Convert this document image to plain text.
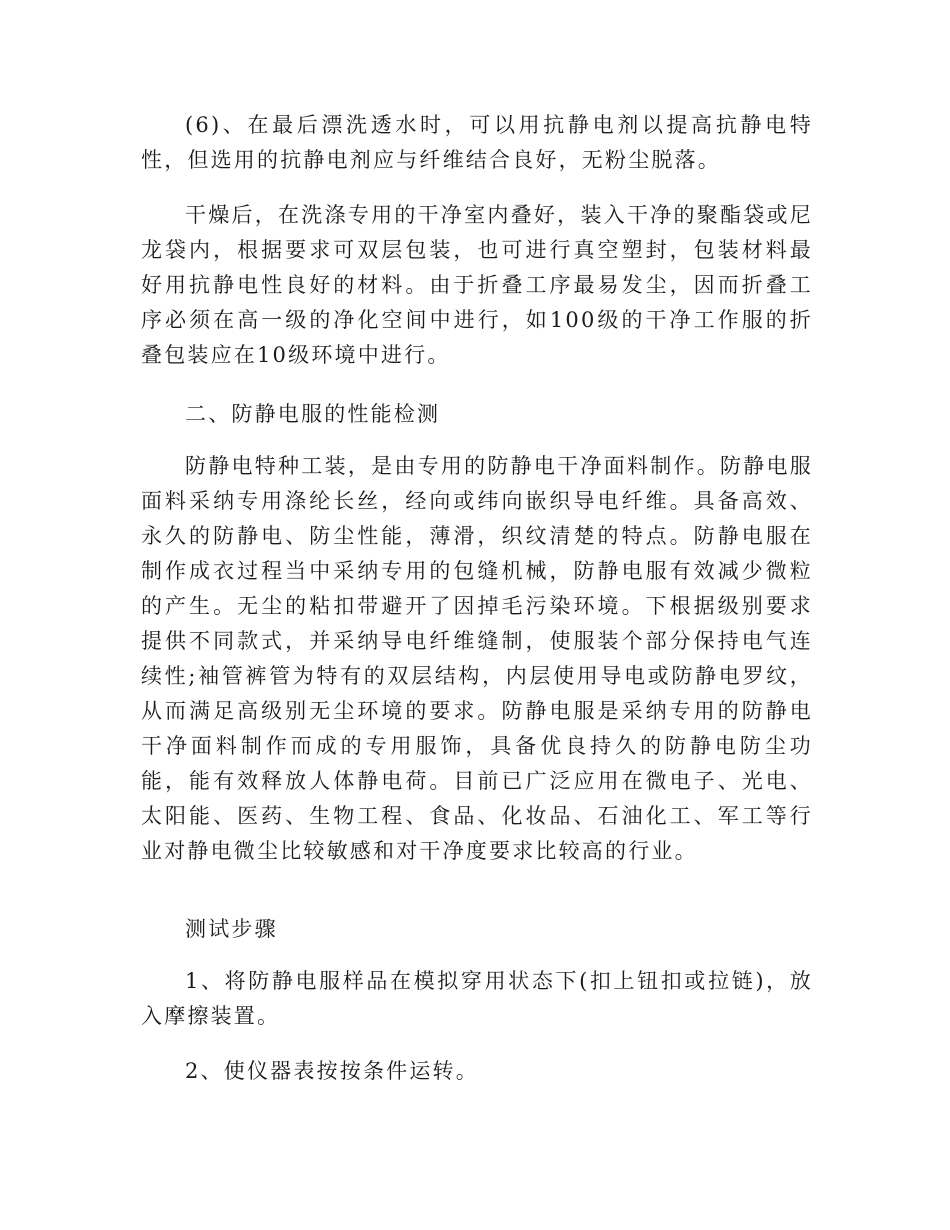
(6)、在最后漂洗透水时，可以用抗静电剂以提高抗静电特性，但选用的抗静电剂应与纤维结合良好，无粉尘脱落。

干燥后，在洗涤专用的干净室内叠好，装入干净的聚酯袋或尼龙袋内，根据要求可双层包装，也可进行真空塑封，包装材料最好用抗静电性良好的材料。由于折叠工序最易发尘，因而折叠工序必须在高一级的净化空间中进行，如100级的干净工作服的折叠包装应在10级环境中进行。

二、防静电服的性能检测

防静电特种工装，是由专用的防静电干净面料制作。防静电服面料采纳专用涤纶长丝，经向或纬向嵌织导电纤维。具备高效、永久的防静电、防尘性能，薄滑，织纹清楚的特点。防静电服在制作成衣过程当中采纳专用的包缝机械，防静电服有效减少微粒的产生。无尘的粘扣带避开了因掉毛污染环境。下根据级别要求提供不同款式，并采纳导电纤维缝制，使服装个部分保持电气连续性;袖管裤管为特有的双层结构，内层使用导电或防静电罗纹，从而满足高级别无尘环境的要求。防静电服是采纳专用的防静电干净面料制作而成的专用服饰，具备优良持久的防静电防尘功能，能有效释放人体静电荷。目前已广泛应用在微电子、光电、太阳能、医药、生物工程、食品、化妆品、石油化工、军工等行业对静电微尘比较敏感和对干净度要求比较高的行业。

测试步骤

1、将防静电服样品在模拟穿用状态下(扣上钮扣或拉链)，放入摩擦装置。

2、使仪器表按按条件运转。
